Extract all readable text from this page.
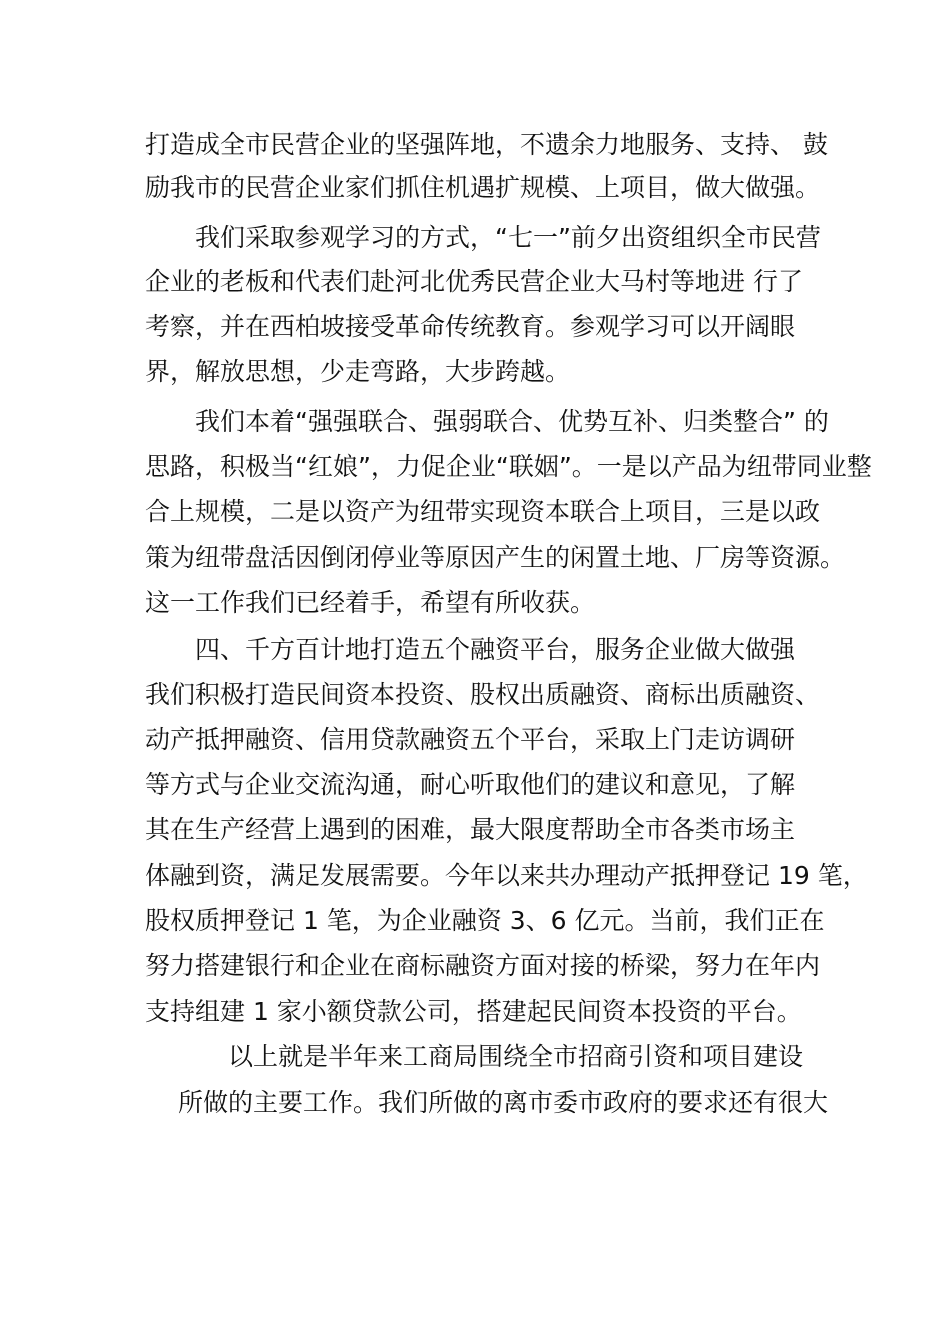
打造成全市民营企业的坚强阵地，不遗余力地服务、支持、 鼓
励我市的民营企业家们抓住机遇扩规模、上项目，做大做强。
我们采取参观学习的方式，“七一”前夕出资组织全市民营
企业的老板和代表们赴河北优秀民营企业大马村等地进 行了
考察，并在西柏坡接受革命传统教育。参观学习可以开阔眼
界，解放思想，少走弯路，大步跨越。
我们本着“强强联合、强弱联合、优势互补、归类整合” 的
思路，积极当“红娘”，力促企业“联姻”。一是以产品为纽带同业整
合上规模，二是以资产为纽带实现资本联合上项目，三是以政
策为纽带盘活因倒闭停业等原因产生的闲置土地、厂房等资源。
这一工作我们已经着手，希望有所收获。
四、千方百计地打造五个融资平台，服务企业做大做强
我们积极打造民间资本投资、股权出质融资、商标出质融资、
动产抵押融资、信用贷款融资五个平台，采取上门走访调研
等方式与企业交流沟通，耐心听取他们的建议和意见，了解
其在生产经营上遇到的困难，最大限度帮助全市各类市场主
体融到资，满足发展需要。今年以来共办理动产抵押登记 19 笔，
股权质押登记 1 笔，为企业融资 3、6 亿元。当前，我们正在
努力搭建银行和企业在商标融资方面对接的桥梁，努力在年内
支持组建 1 家小额贷款公司，搭建起民间资本投资的平台。
以上就是半年来工商局围绕全市招商引资和项目建设
所做的主要工作。我们所做的离市委市政府的要求还有很大
